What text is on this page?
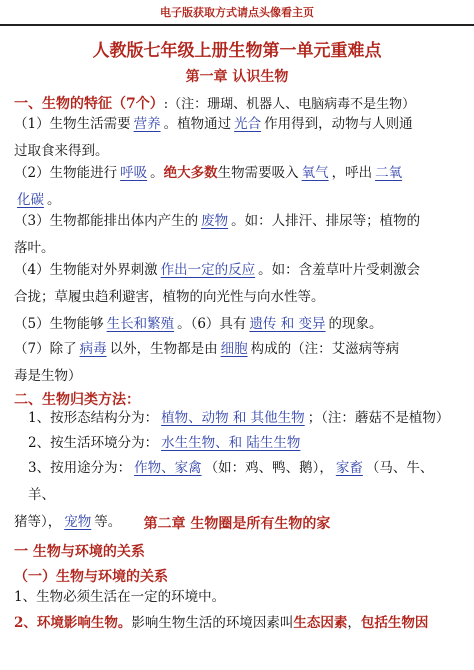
电子版获取方式请点头像看主页
人教版七年级上册生物第一单元重难点
第一章 认识生物
一、生物的特征（7个）:（注：珊瑚、机器人、电脑病毒不是生物）
（1）生物生活需要 营养 。植物通过 光合 作用得到，动物与人则通
过取食来得到。
（2）生物能进行 呼吸 。绝大多数生物需要吸入 氧气 ，呼出 二氧
化碳 。
（3）生物都能排出体内产生的 废物 。如：人排汗、排尿等；植物的
落叶。
（4）生物能对外界刺激 作出一定的反应 。如：含羞草叶片受刺激会
合拢；草履虫趋利避害，植物的向光性与向水性等。
（5）生物能够 生长和繁殖 。（6）具有 遗传 和 变异 的现象。
（7）除了 病毒 以外，生物都是由 细胞 构成的（注：艾滋病等病
毒是生物）
二、生物归类方法：
1、按形态结构分为： 植物、动物 和 其他生物 ；（注：蘑菇不是植物）
2、按生活环境分为： 水生生物、和 陆生生物
3、按用途分为： 作物、家禽 （如：鸡、鸭、鹅）， 家畜 （马、牛、羊、
猪等）， 宠物 等。	第二章 生物圈是所有生物的家
一 生物与环境的关系
（一）生物与环境的关系
1、生物必须生活在一定的环境中。
2、环境影响生物。影响生物生活的环境因素叫生态因素，包括生物因
